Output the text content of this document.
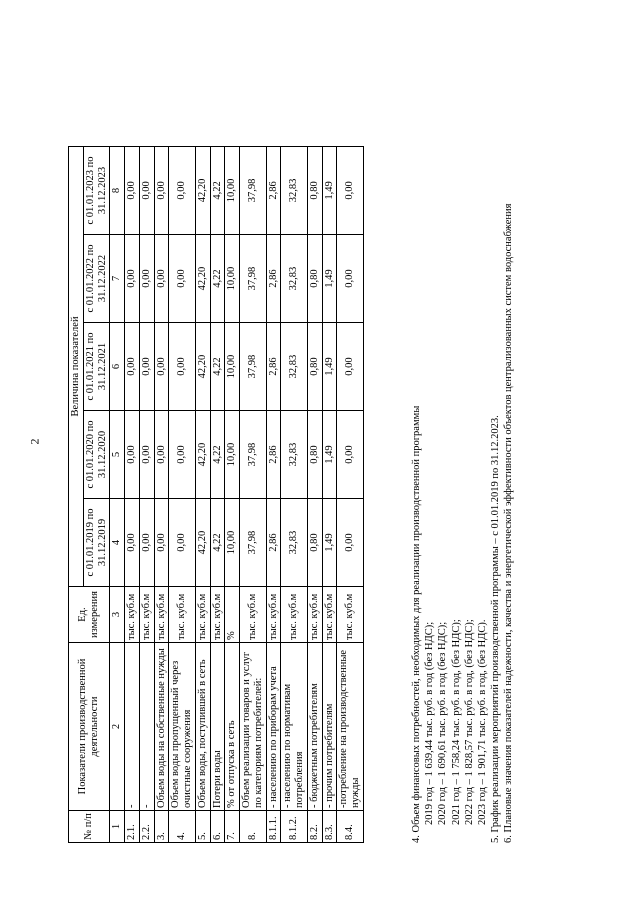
2
№ п/п	Показатели производственной деятельности	Ед. измерения	Величина показателей				
			с 01.01.2019 по 31.12.2019	с 01.01.2020 по 31.12.2020	с 01.01.2021 по 31.12.2021	с 01.01.2022 по 31.12.2022	с 01.01.2023 по 31.12.2023
1	2	3	4	5	6	7	8
2.1.	-	тыс. куб.м	0,00	0,00	0,00	0,00	0,00
2.2.	-	тыс. куб.м	0,00	0,00	0,00	0,00	0,00
3.	Объем воды на собственные нужды	тыс. куб.м	0,00	0,00	0,00	0,00	0,00
4.	Объем воды пропущенный через очистные сооружения	тыс. куб.м	0,00	0,00	0,00	0,00	0,00
5.	Объем воды, поступившей в сеть	тыс. куб.м	42,20	42,20	42,20	42,20	42,20
6.	Потери воды	тыс. куб.м	4,22	4,22	4,22	4,22	4,22
7.	% от отпуска в сеть	%	10,00	10,00	10,00	10,00	10,00
8.	Объем реализации товаров и услуг по категориям потребителей:	тыс. куб.м	37,98	37,98	37,98	37,98	37,98
8.1.1.	- населению по приборам учета	тыс. куб.м	2,86	2,86	2,86	2,86	2,86
8.1.2.	- населению по нормативам потребления	тыс. куб.м	32,83	32,83	32,83	32,83	32,83
8.2.	- бюджетным потребителям	тыс. куб.м	0,80	0,80	0,80	0,80	0,80
8.3.	- прочим потребителям	тыс. куб.м	1,49	1,49	1,49	1,49	1,49
8.4.	-потребление на производственные нужды	тыс. куб.м	0,00	0,00	0,00	0,00	0,00

4. Объем финансовых потребностей, необходимых для реализации производственной программы 2019 год – 1 639,44 тыс. руб. в год (без НДС); 2020 год – 1 690,61 тыс. руб. в год (без НДС); 2021 год – 1 758,24 тыс. руб. в год, (без НДС); 2022 год – 1 828,57 тыс. руб. в год, (без НДС); 2023 год – 1 901,71 тыс. руб. в год, (без НДС). 5. График реализации мероприятий производственной программы – с 01.01.2019 по 31.12.2023. 6. Плановые значения показателей надежности, качества и энергетической эффективности объектов централизованных систем водоснабжения
